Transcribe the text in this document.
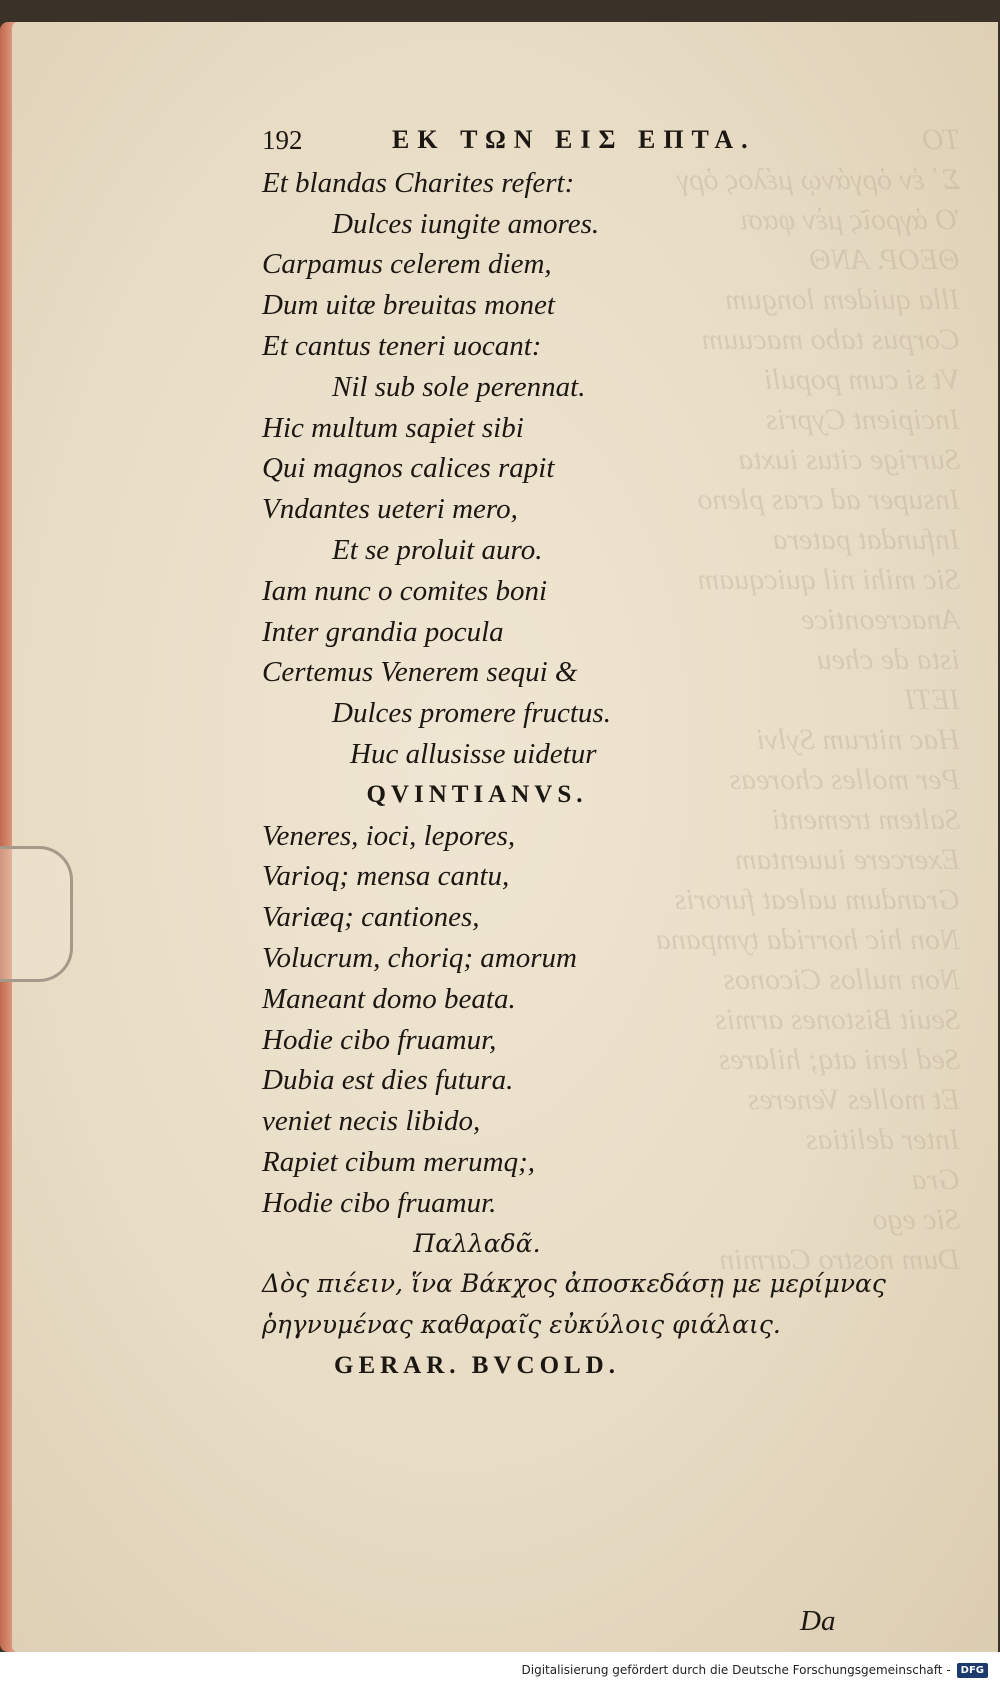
ΤΟ
Σ᾽ ἐν ὀργάνῳ μέλος ὀργ
Ὁ ἀγροῖς μὲν φασι
ΘΕΟΡ. ΑΝΘ
Illa quidem longum
Corpus tabo macuum
Vt si cum populi
Incipient Cypris
Surrige citus iuxta
Insuper ad cras pleno
Infundat patera
Sic mihi nil quicquam
Anacreontice
ista de cheu
ΙΕΤΙ
Hac nitrum Sylvi
Per molles choreas
Saltem trementi
Exercere iuuentam
Grandum ualeat furoris
Non hic horrida tympana
Non nullos Ciconos
Seuit Bistones armis
Sed leni atq; hilares
Et molles Veneres
Inter delitias
Gra
Sic ego
Dum nostro Carmin
192	EK ΤΩΝ ΕΙΣ ΕΠΤΑ.
Et blandas Charites refert:
Dulces iungite amores.
Carpamus celerem diem,
Dum uitæ breuitas monet
Et cantus teneri uocant:
Nil sub sole perennat.
Hic multum sapiet sibi
Qui magnos calices rapit
Vndantes ueteri mero,
Et se proluit auro.
Iam nunc o comites boni
Inter grandia pocula
Certemus Venerem sequi &
Dulces promere fructus.
Huc allusisse uidetur
QVINTIANVS.
Veneres, ioci, lepores,
Varioq; mensa cantu,
Variæq; cantiones,
Volucrum, choriq; amorum
Maneant domo beata.
Hodie cibo fruamur,
Dubia est dies futura.
veniet necis libido,
Rapiet cibum merumq;,
Hodie cibo fruamur.
Παλλαδᾶ.
Δὸς πιέειν, ἵνα Βάκχος ἀποσκεδάσῃ με μερίμνας
ῥηγνυμένας καθαραῖς εὐκύλοις φιάλαις.
GERAR. BVCOLD.
Da
Digitalisierung gefördert durch die Deutsche Forschungsgemeinschaft -	DFG
